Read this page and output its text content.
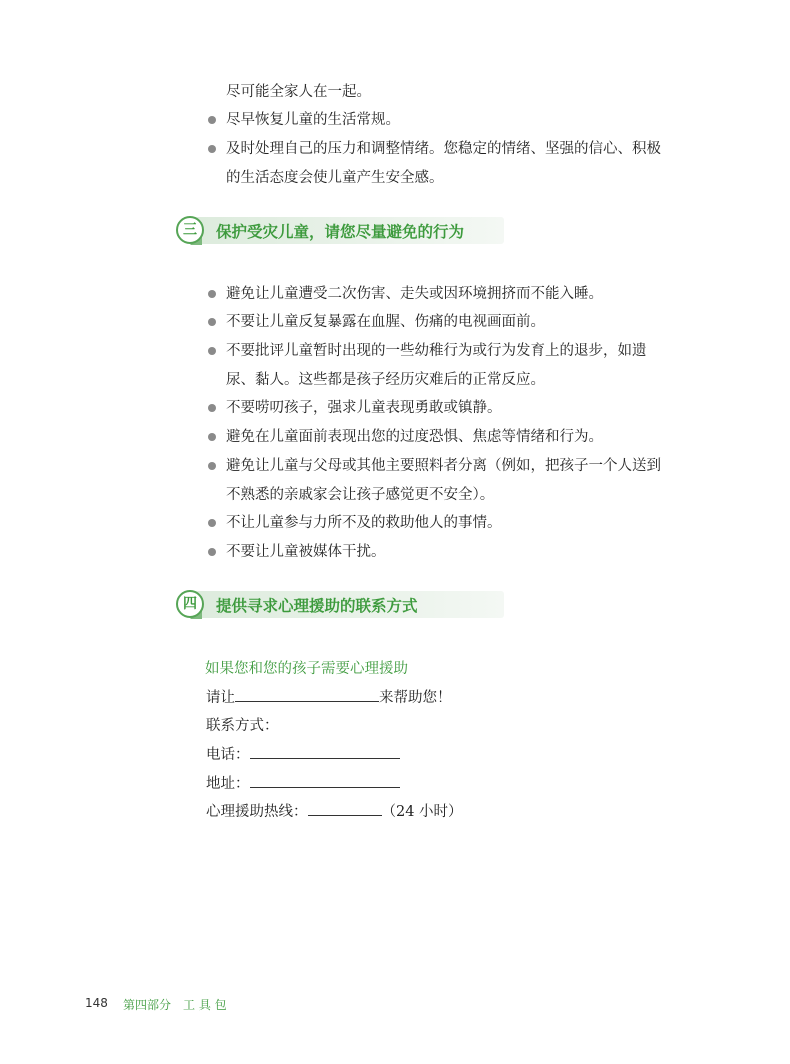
尽可能全家人在一起。
尽早恢复儿童的生活常规。
及时处理自己的压力和调整情绪。您稳定的情绪、坚强的信心、积极
的生活态度会使儿童产生安全感。
三	保护受灾儿童，请您尽量避免的行为
避免让儿童遭受二次伤害、走失或因环境拥挤而不能入睡。
不要让儿童反复暴露在血腥、伤痛的电视画面前。
不要批评儿童暂时出现的一些幼稚行为或行为发育上的退步，如遗
尿、黏人。这些都是孩子经历灾难后的正常反应。
不要唠叨孩子，强求儿童表现勇敢或镇静。
避免在儿童面前表现出您的过度恐惧、焦虑等情绪和行为。
避免让儿童与父母或其他主要照料者分离（例如，把孩子一个人送到
不熟悉的亲戚家会让孩子感觉更不安全）。
不让儿童参与力所不及的救助他人的事情。
不要让儿童被媒体干扰。
四	提供寻求心理援助的联系方式
如果您和您的孩子需要心理援助
请让	来帮助您！
联系方式：
电话：
地址：
心理援助热线：	（24 小时）
148 第四部分　工 具 包
